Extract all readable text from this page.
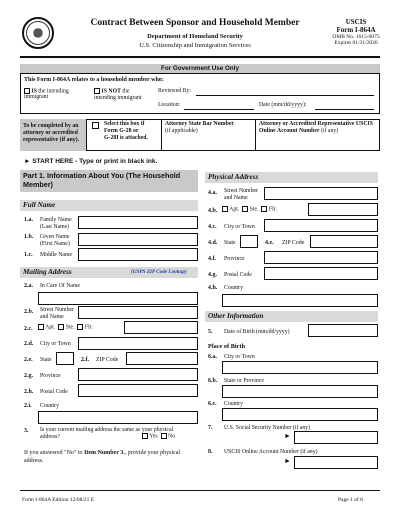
Contract Between Sponsor and Household Member
Department of Homeland Security
U.S. Citizenship and Immigration Services
USCIS
Form I-864A
OMB No. 1615-0075
Expires 01/31/2026
For Government Use Only
This Form I-864A relates to a household member who:
IS the intending immigrant
IS NOT the intending immigrant
Reviewed By:
Location:	Date (mm/dd/yyyy):
To be completed by an attorney or accredited representative (if any).
Select this box if
Form G-28 or
G-28I is attached.
Attorney State Bar Number
(if applicable)
Attorney or Accredited Representative USCIS Online Account Number (if any)
► START HERE - Type or print in black ink.
Part 1. Information About You (The Household Member)
Full Name
1.a. Family Name (Last Name)
1.b. Given Name (First Name)
1.c. Middle Name
Mailing Address	(USPS ZIP Code Lookup)
2.a. In Care Of Name
2.b. Street Number and Name
2.c.	Apt. Ste. Flr.
2.d. City or Town
2.e. State	2.f. ZIP Code
2.g. Province
2.h. Postal Code
2.i. Country
3. Is your current mailing address the same as your physical address?	Yes No
If you answered "No" to Item Number 3., provide your physical address.
Physical Address
4.a. Street Number and Name
4.b.	Apt. Ste. Flr.
4.c. City or Town
4.d. State	4.e. ZIP Code
4.f. Province
4.g. Postal Code
4.h. Country
Other Information
5. Date of Birth (mm/dd/yyyy)
Place of Birth
6.a. City or Town
6.b. State or Province
6.c. Country
7. U.S. Social Security Number (if any)
►
8. USCIS Online Account Number (if any)
►
Form I-864A Edition 12/08/21 E	Page 1 of 8
